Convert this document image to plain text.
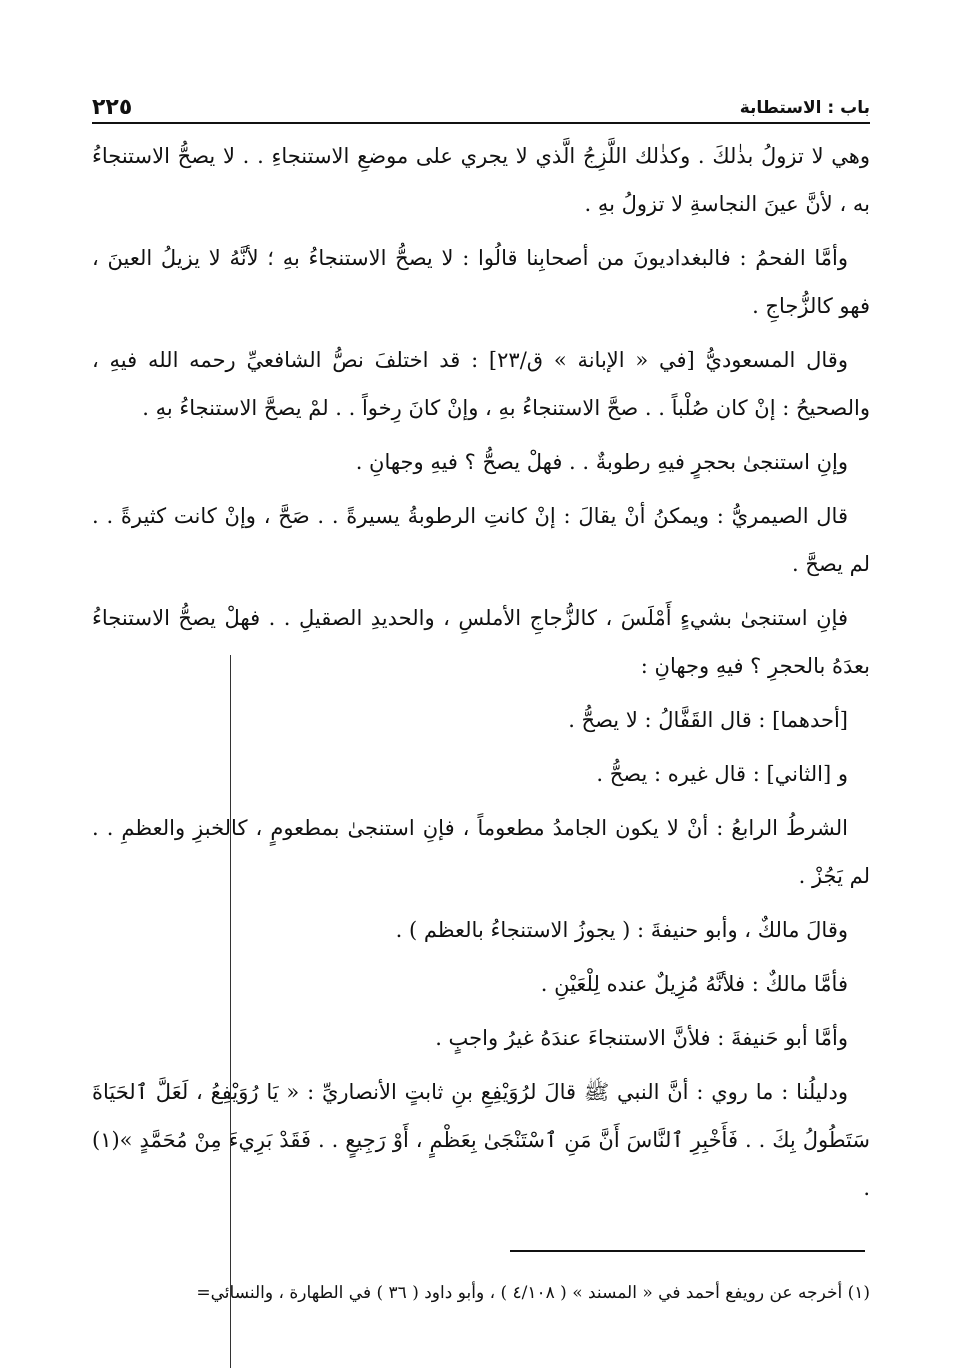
٢٢٥	باب : الاستطابة

وهي لا تزولُ بذٰلكَ . وكذٰلك اللَّزِجُ الَّذي لا يجري على موضعِ الاستنجاءِ . . لا يصحُّ الاستنجاءُ به ، لأنَّ عينَ النجاسةِ لا تزولُ بهِ .

وأمَّا الفحمُ : فالبغداديونَ من أصحابِنا قالُوا : لا يصحُّ الاستنجاءُ بهِ ؛ لأنَّهُ لا يزيلُ العينَ ، فهو كالزُّجاجِ .

وقال المسعوديُّ [في « الإبانة » ق/٢٣] : قد اختلفَ نصُّ الشافعيِّ رحمه الله فيهِ ، والصحيحُ : إنْ كان صُلْباً . . صحَّ الاستنجاءُ بهِ ، وإنْ كانَ رِخواً . . لمْ يصحَّ الاستنجاءُ بهِ .

وإنِ استنجىٰ بحجرٍ فيهِ رطوبةٌ . . فهلْ يصحُّ ؟ فيهِ وجهانِ .

قال الصيمريُّ : ويمكنُ أنْ يقالَ : إنْ كانتِ الرطوبةُ يسيرةً . . صَحَّ ، وإنْ كانت كثيرةً . . لم يصحَّ .

فإنِ استنجىٰ بشيءٍ أَمْلَسَ ، كالزُّجاجِ الأملسِ ، والحديدِ الصقيلِ . . فهلْ يصحُّ الاستنجاءُ بعدَهُ بالحجرِ ؟ فيهِ وجهانِ :

[أحدهما] : قال القَفَّالُ : لا يصحُّ .

و [الثاني] : قال غيره : يصحُّ .

الشرطُ الرابعُ : أنْ لا يكون الجامدُ مطعوماً ، فإنِ استنجىٰ بمطعومٍ ، كالخبزِ والعظمِ . . لم يَجُزْ .

وقالَ مالكٌ ، وأبو حنيفةَ : ( يجوزُ الاستنجاءُ بالعظم ) .

فأمَّا مالكٌ : فلأنَّهُ مُزِيلٌ عنده لِلْعَيْنِ .

وأمَّا أبو حَنيفةَ : فلأنَّ الاستنجاءَ عندَهُ غيرُ واجبٍ .

ودليلُنا : ما روي : أنَّ النبي ﷺ قالَ لرُوَيْفِعِ بنِ ثابتٍ الأنصاريِّ : « يَا رُوَيْفِعُ ، لَعَلَّ ٱلحَيَاةَ سَتَطُولُ بِكَ . . فَأَخْبِرِ ٱلنَّاسَ أَنَّ مَنِ ٱسْتَنْجَىٰ بِعَظْمٍ ، أَوْ رَجِيعٍ . . فَقَدْ بَرِيءَ مِنْ مُحَمَّدٍ »(١) .

(١) أخرجه عن رويفع أحمد في « المسند » ( ٤/١٠٨ ) ، وأبو داود ( ٣٦ ) في الطهارة ، والنسائي=
